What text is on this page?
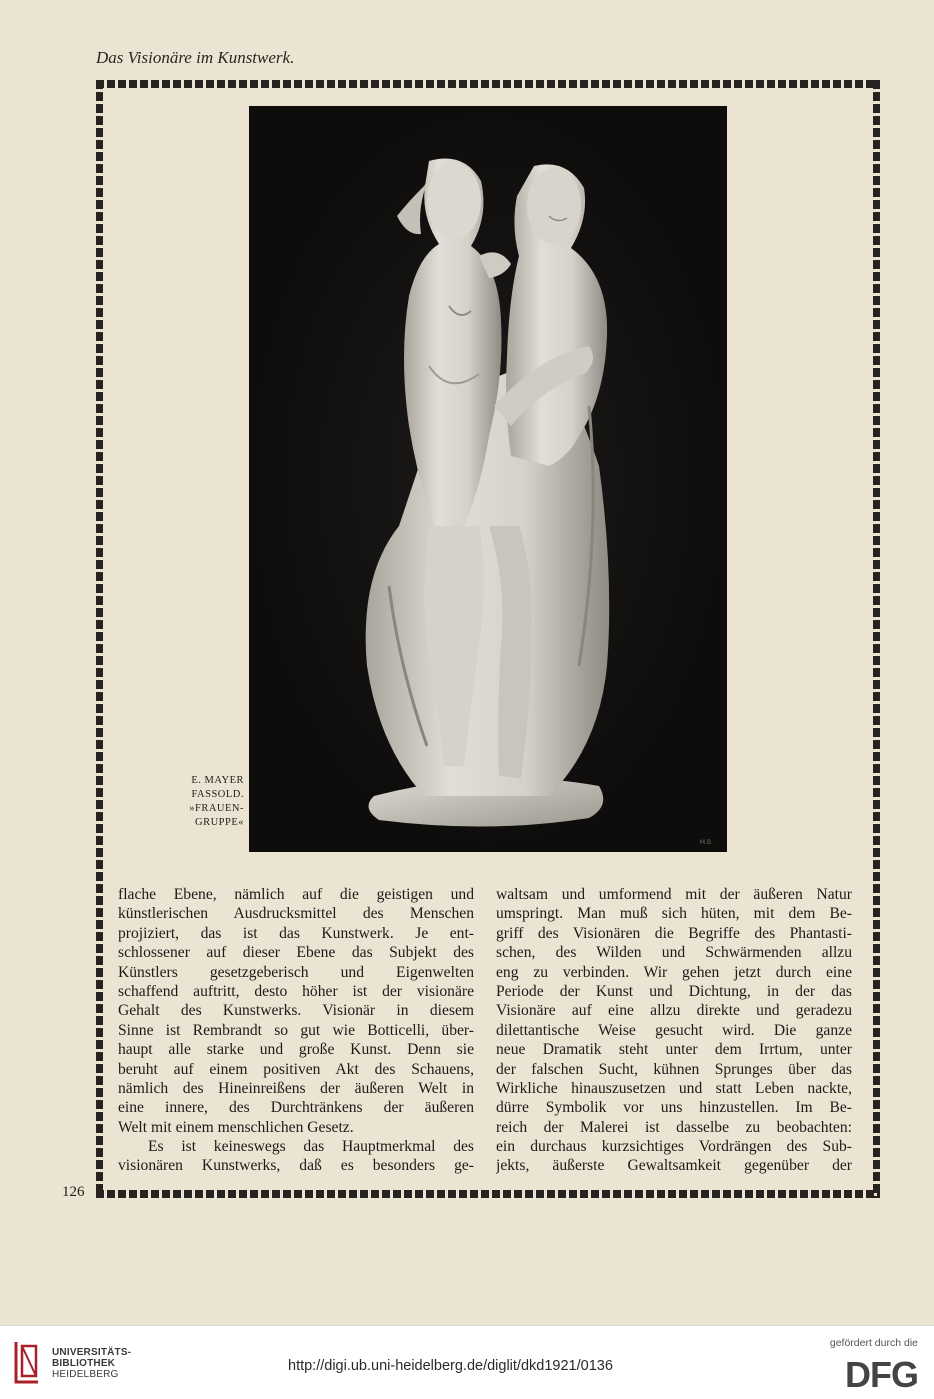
Das Visionäre im Kunstwerk.
M.B.
E. MAYER
FASSOLD.
»FRAUEN-
GRUPPE«
flache Ebene, nämlich auf die geistigen und
künstlerischen Ausdrucksmittel des Menschen
projiziert, das ist das Kunstwerk. Je ent-
schlossener auf dieser Ebene das Subjekt des
Künstlers gesetzgeberisch und Eigenwelten
schaffend auftritt, desto höher ist der visionäre
Gehalt des Kunstwerks. Visionär in diesem
Sinne ist Rembrandt so gut wie Botticelli, über-
haupt alle starke und große Kunst. Denn sie
beruht auf einem positiven Akt des Schauens,
nämlich des Hineinreißens der äußeren Welt in
eine innere, des Durchtränkens der äußeren
Welt mit einem menschlichen Gesetz.
Es ist keineswegs das Hauptmerkmal des
visionären Kunstwerks, daß es besonders ge-
waltsam und umformend mit der äußeren Natur
umspringt. Man muß sich hüten, mit dem Be-
griff des Visionären die Begriffe des Phantasti-
schen, des Wilden und Schwärmenden allzu
eng zu verbinden. Wir gehen jetzt durch eine
Periode der Kunst und Dichtung, in der das
Visionäre auf eine allzu direkte und geradezu
dilettantische Weise gesucht wird. Die ganze
neue Dramatik steht unter dem Irrtum, unter
der falschen Sucht, kühnen Sprunges über das
Wirkliche hinauszusetzen und statt Leben nackte,
dürre Symbolik vor uns hinzustellen. Im Be-
reich der Malerei ist dasselbe zu beobachten:
ein durchaus kurzsichtiges Vordrängen des Sub-
jekts, äußerste Gewaltsamkeit gegenüber der
126
UNIVERSITÄTS-
BIBLIOTHEK
HEIDELBERG
http://digi.ub.uni-heidelberg.de/diglit/dkd1921/0136
gefördert durch die
DFG
